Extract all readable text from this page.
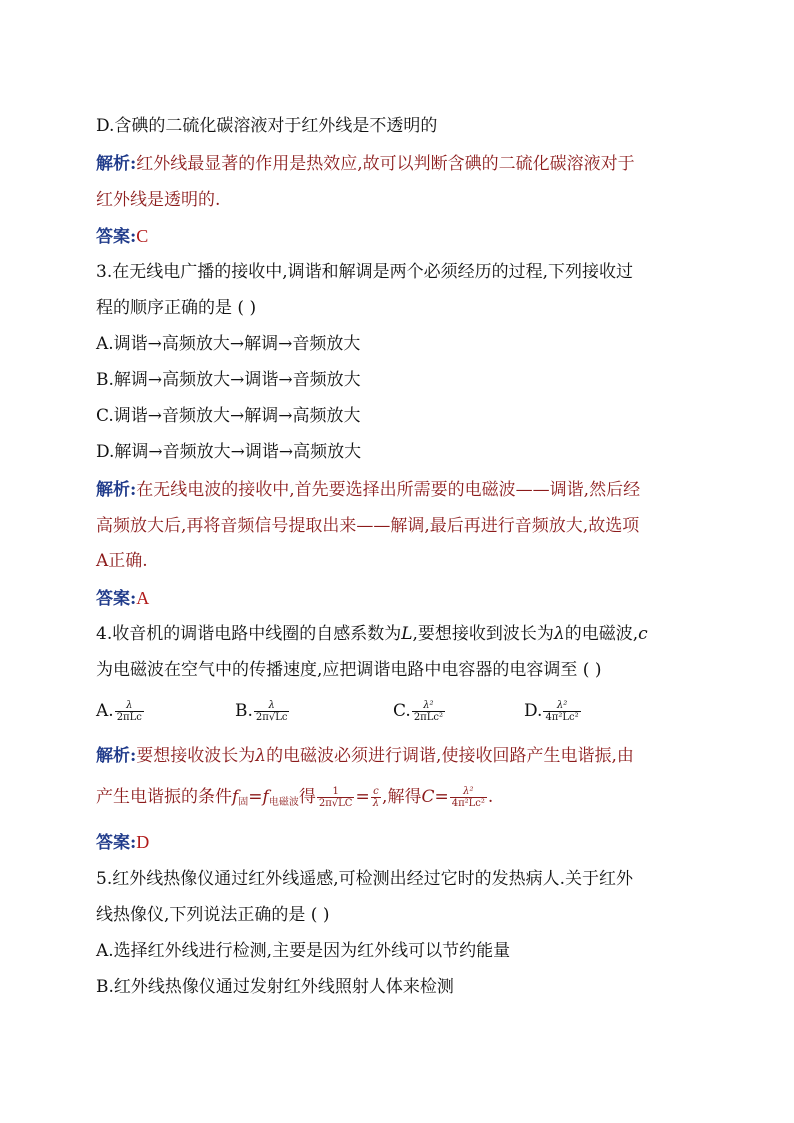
D.含碘的二硫化碳溶液对于红外线是不透明的
解析:红外线最显著的作用是热效应,故可以判断含碘的二硫化碳溶液对于
红外线是透明的.
答案:C
3.在无线电广播的接收中,调谐和解调是两个必须经历的过程,下列接收过
程的顺序正确的是 ( )
A.调谐→高频放大→解调→音频放大
B.解调→高频放大→调谐→音频放大
C.调谐→音频放大→解调→高频放大
D.解调→音频放大→调谐→高频放大
解析:在无线电波的接收中,首先要选择出所需要的电磁波——调谐,然后经
高频放大后,再将音频信号提取出来——解调,最后再进行音频放大,故选项
A正确.
答案:A
4.收音机的调谐电路中线圈的自感系数为L,要想接收到波长为λ的电磁波,c
为电磁波在空气中的传播速度,应把调谐电路中电容器的电容调至 ( )
A. $\frac{\lambda}{\text{2πLc}}$	B. $\frac{\lambda}{2\pi√Lc}$	C. $\frac{\text{λ²}}{\text{2πLc²}}$	D. $\frac{\text{λ²}}{\text{4π²Lc²}}$
解析:要想接收波长为λ的电磁波必须进行调谐,使接收回路产生电谐振,由
产生电谐振的条件$f_固=f_{电磁波}$得 $\frac{1}{2\pi√LC} = \frac{c}{\lambda}$ ,解得$C= \frac{\text{λ²}}{\text{4π²Lc²}}$ .
答案:D
5.红外线热像仪通过红外线遥感,可检测出经过它时的发热病人.关于红外
线热像仪,下列说法正确的是 ( )
A.选择红外线进行检测,主要是因为红外线可以节约能量
B.红外线热像仪通过发射红外线照射人体来检测
